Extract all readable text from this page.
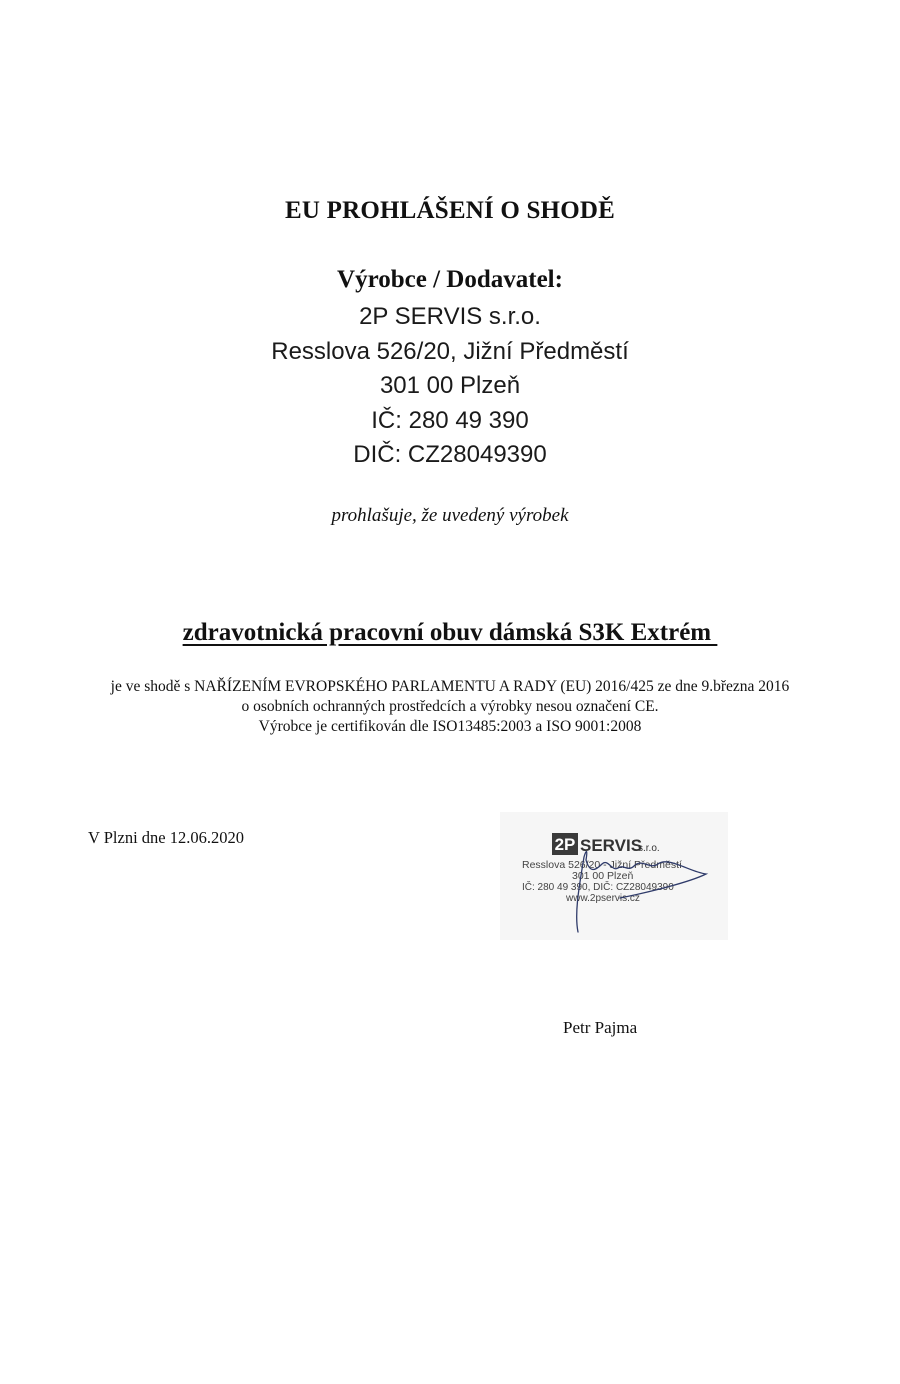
EU PROHLÁŠENÍ O SHODĚ
Výrobce / Dodavatel:
2P SERVIS s.r.o.
Resslova 526/20, Jižní Předměstí
301 00 Plzeň
IČ: 280 49 390
DIČ: CZ28049390
prohlašuje, že uvedený výrobek
zdravotnická pracovní obuv dámská S3K Extrém
je ve shodě s NAŘÍZENÍM EVROPSKÉHO PARLAMENTU A RADY (EU) 2016/425 ze dne 9.března 2016
o osobních ochranných prostředcích a výrobky nesou označení CE.
Výrobce je certifikován dle ISO13485:2003 a ISO 9001:2008
V Plzni dne 12.06.2020	2P SERVIS
s.r.o.
Resslova 526/20 - Jižní Předměstí
301 00 Plzeň
IČ: 280 49 390, DIČ: CZ28049390
www.2pservis.cz
Petr Pajma
